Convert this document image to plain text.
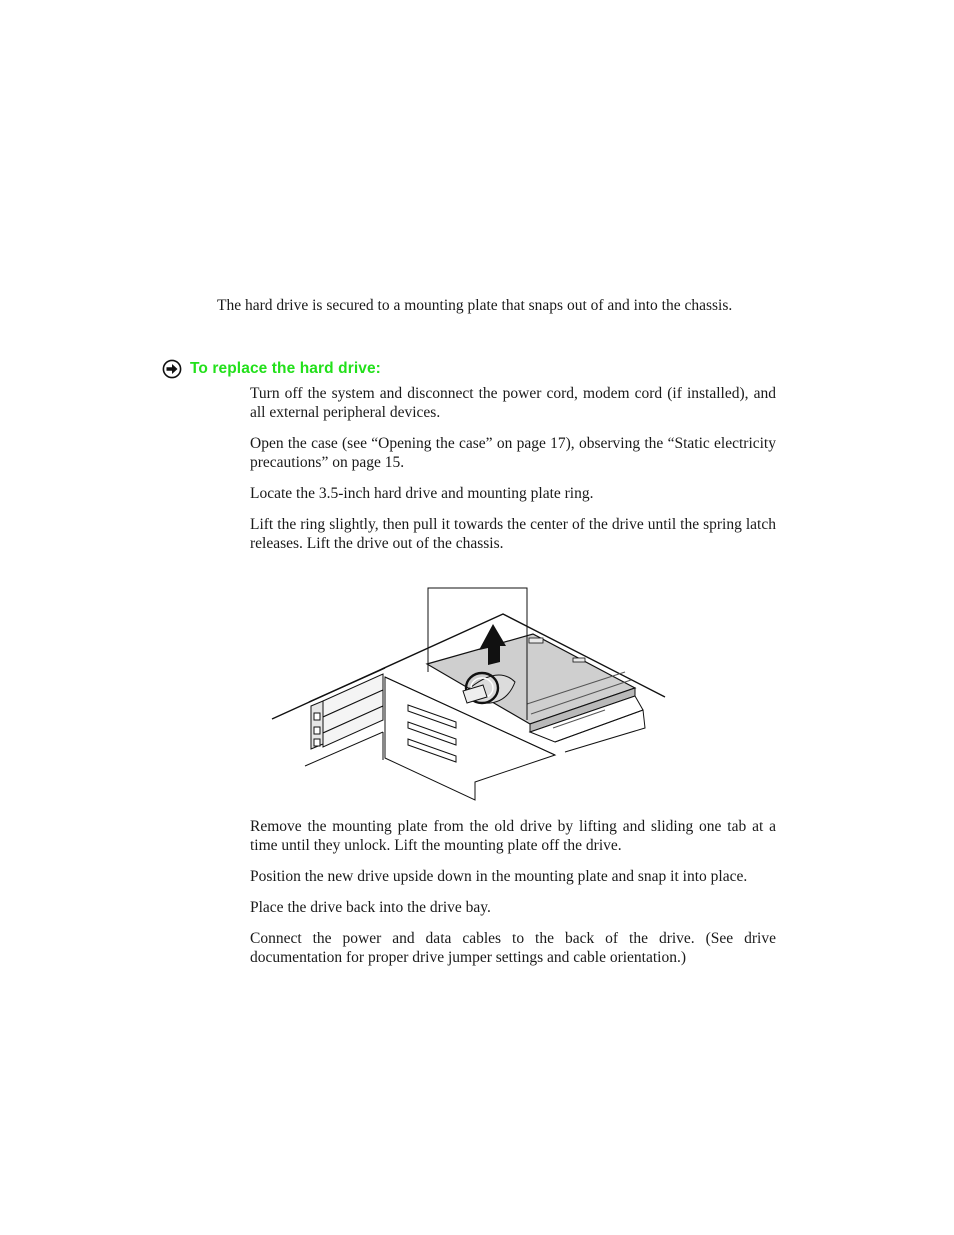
The hard drive is secured to a mounting plate that snaps out of and into the chassis.

To replace the hard drive:
Turn off the system and disconnect the power cord, modem cord (if installed), and all external peripheral devices.
Open the case (see “Opening the case” on page 17), observing the “Static electricity precautions” on page 15.
Locate the 3.5-inch hard drive and mounting plate ring.
Lift the ring slightly, then pull it towards the center of the drive until the spring latch releases. Lift the drive out of the chassis.
Remove the mounting plate from the old drive by lifting and sliding one tab at a time until they unlock. Lift the mounting plate off the drive.
Position the new drive upside down in the mounting plate and snap it into place.
Place the drive back into the drive bay.
Connect the power and data cables to the back of the drive. (See drive documentation for proper drive jumper settings and cable orientation.)
